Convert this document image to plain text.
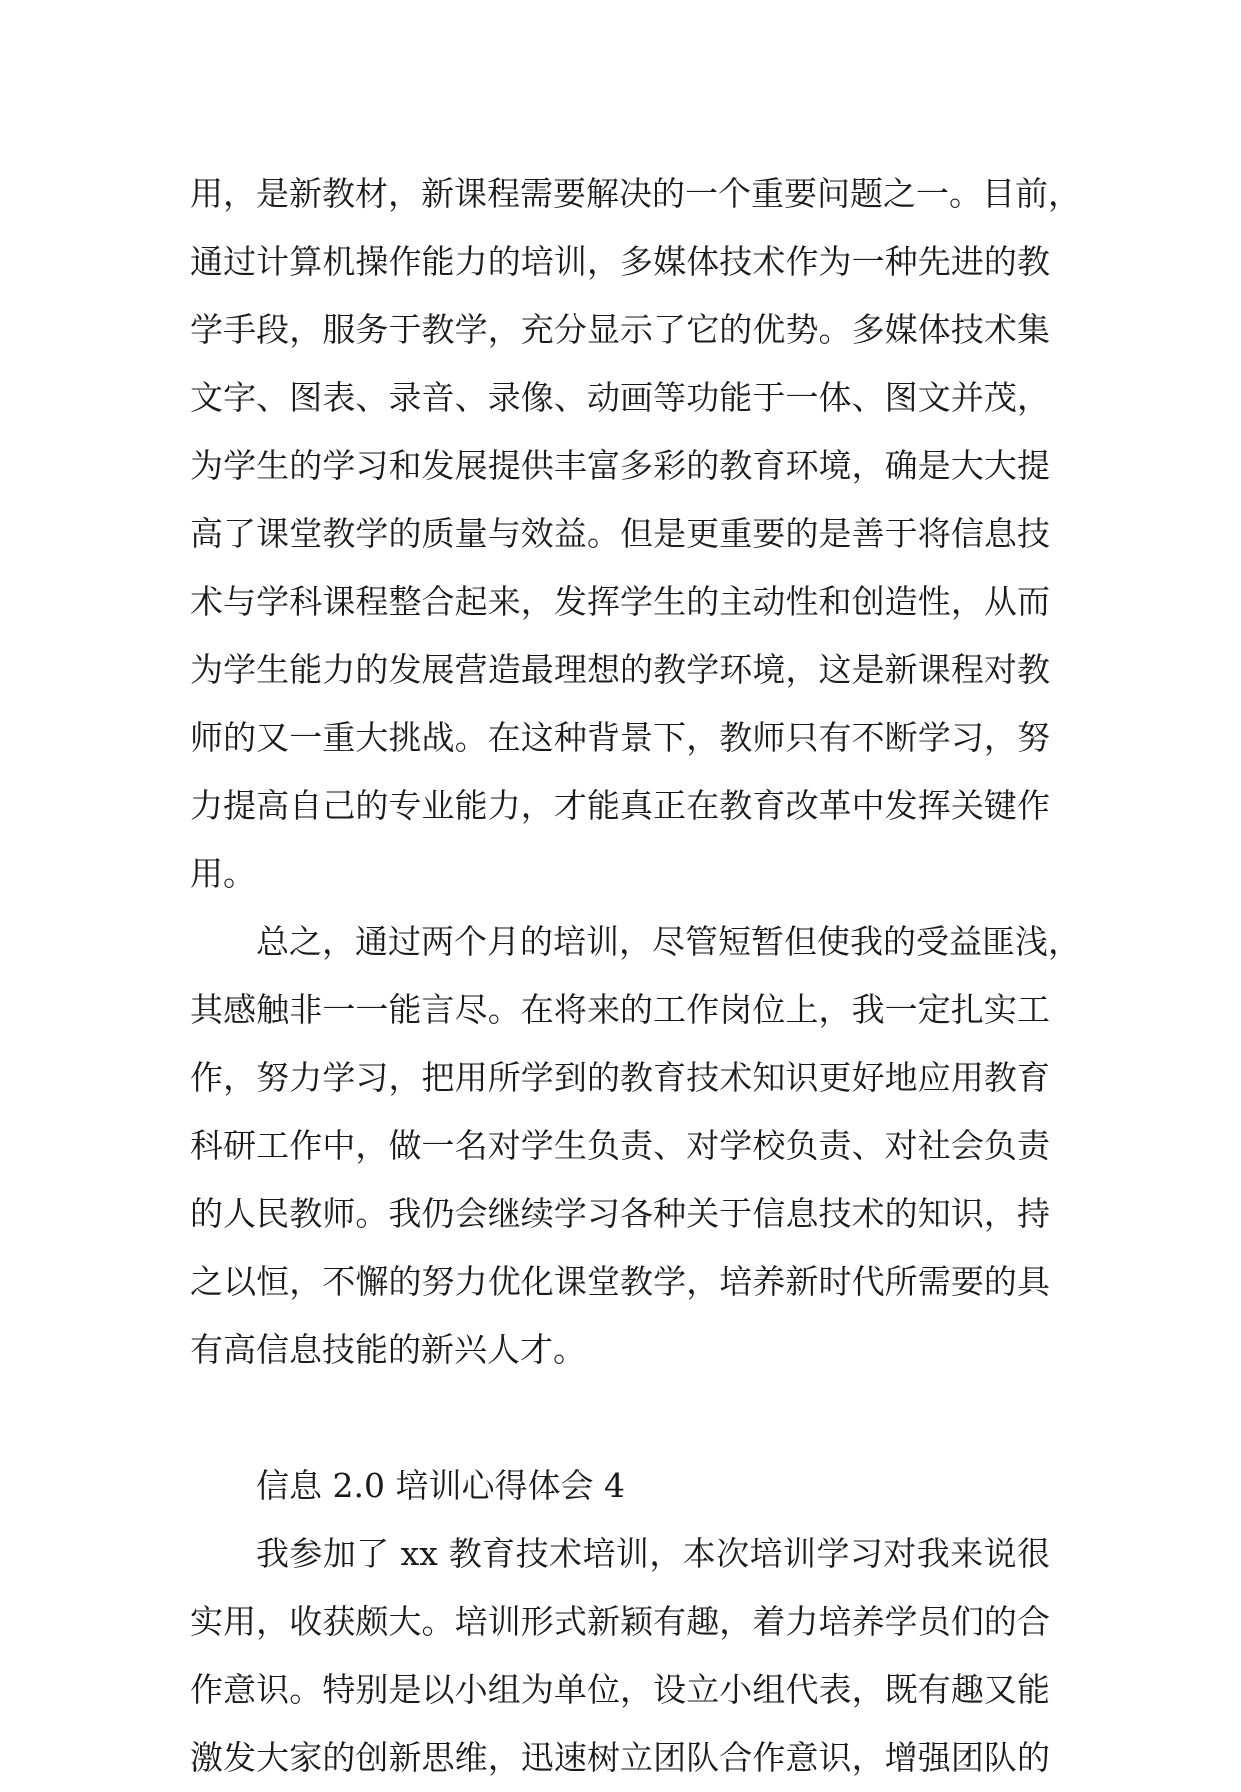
用，是新教材，新课程需要解决的一个重要问题之一。目前，
通过计算机操作能力的培训，多媒体技术作为一种先进的教
学手段，服务于教学，充分显示了它的优势。多媒体技术集
文字、图表、录音、录像、动画等功能于一体、图文并茂，
为学生的学习和发展提供丰富多彩的教育环境，确是大大提
高了课堂教学的质量与效益。但是更重要的是善于将信息技
术与学科课程整合起来，发挥学生的主动性和创造性，从而
为学生能力的发展营造最理想的教学环境，这是新课程对教
师的又一重大挑战。在这种背景下，教师只有不断学习，努
力提高自己的专业能力，才能真正在教育改革中发挥关键作
用。
总之，通过两个月的培训，尽管短暂但使我的受益匪浅，
其感触非一一能言尽。在将来的工作岗位上，我一定扎实工
作，努力学习，把用所学到的教育技术知识更好地应用教育
科研工作中，做一名对学生负责、对学校负责、对社会负责
的人民教师。我仍会继续学习各种关于信息技术的知识，持
之以恒，不懈的努力优化课堂教学，培养新时代所需要的具
有高信息技能的新兴人才。
信息 2.0 培训心得体会 4
我参加了 xx 教育技术培训，本次培训学习对我来说很
实用，收获颇大。培训形式新颖有趣，着力培养学员们的合
作意识。特别是以小组为单位，设立小组代表，既有趣又能
激发大家的创新思维，迅速树立团队合作意识，增强团队的
